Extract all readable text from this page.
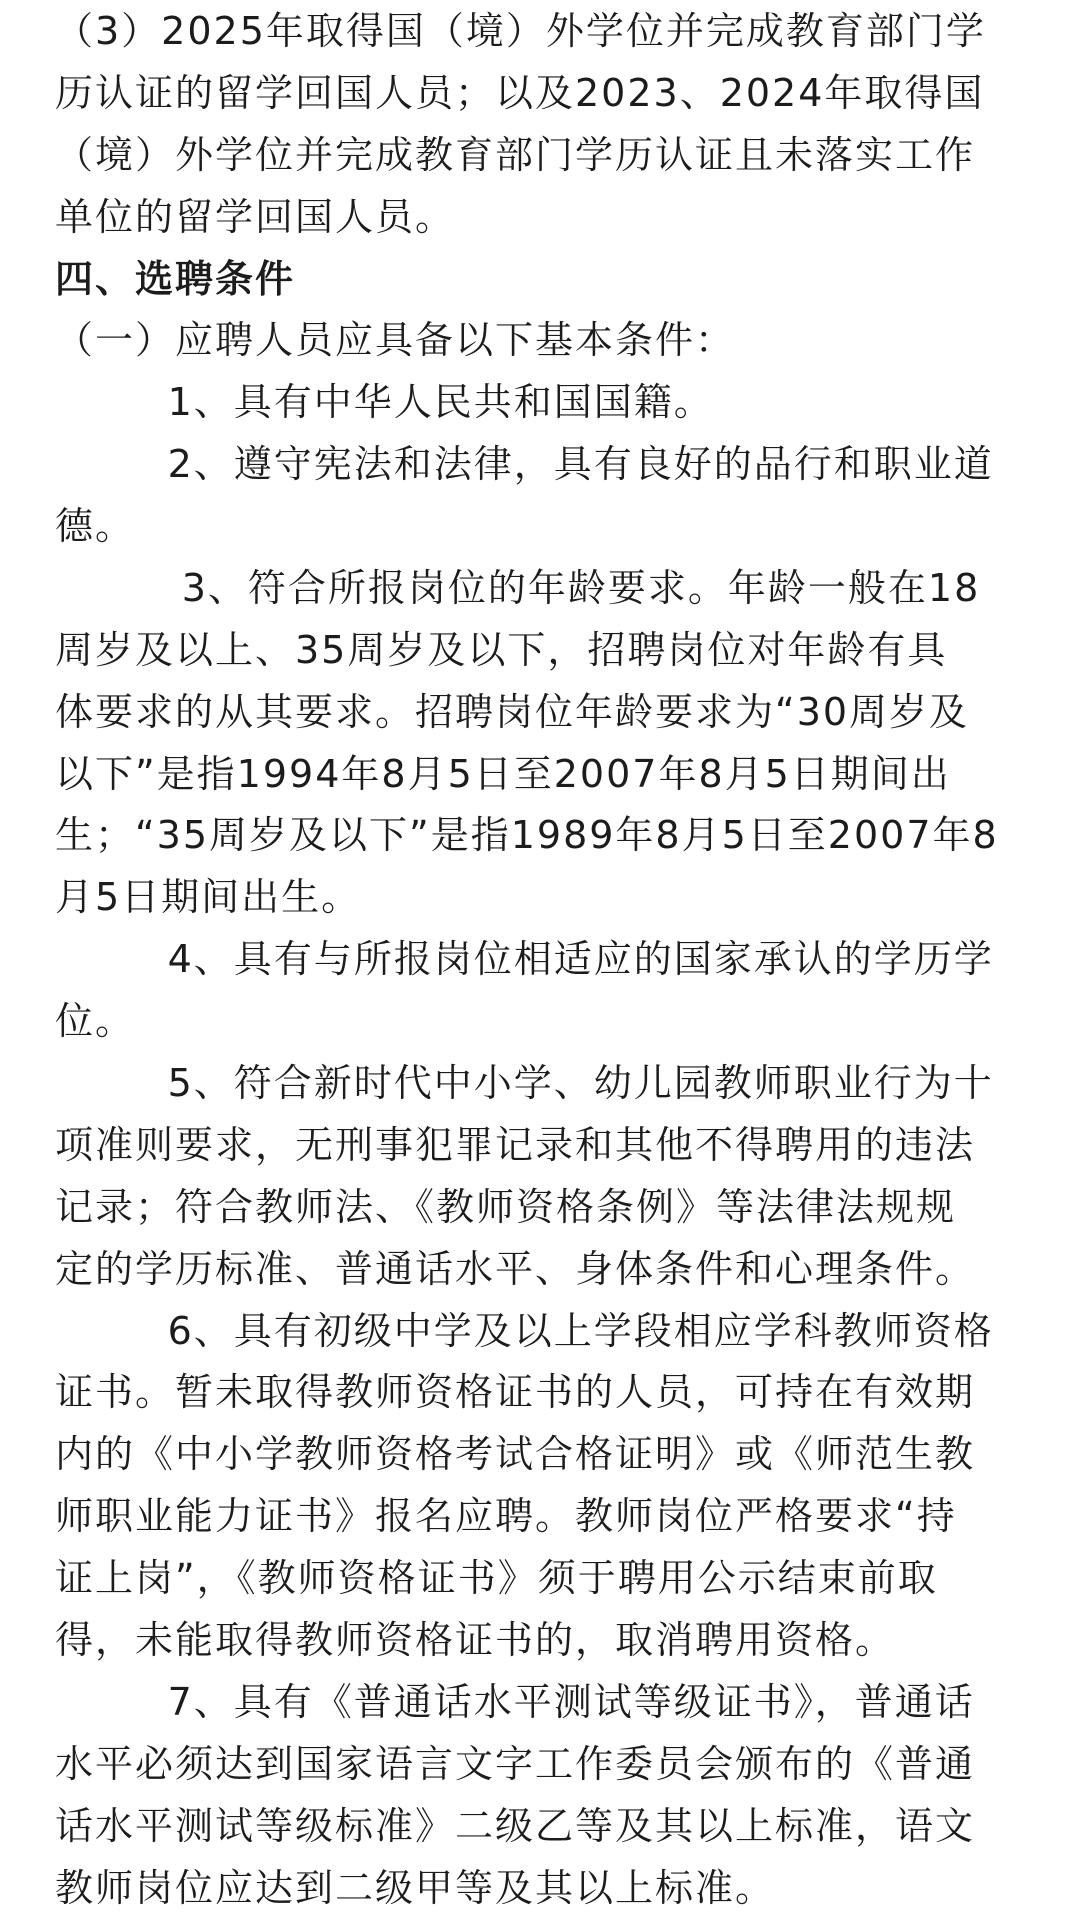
（3）2025年取得国（境）外学位并完成教育部门学
历认证的留学回国人员；以及2023、2024年取得国
（境）外学位并完成教育部门学历认证且未落实工作
单位的留学回国人员。
四、选聘条件
（一）应聘人员应具备以下基本条件：
1、具有中华人民共和国国籍。
2、遵守宪法和法律，具有良好的品行和职业道
德。
3、符合所报岗位的年龄要求。年龄一般在18
周岁及以上、35周岁及以下，招聘岗位对年龄有具
体要求的从其要求。招聘岗位年龄要求为“30周岁及
以下”是指1994年8月5日至2007年8月5日期间出
生；“35周岁及以下”是指1989年8月5日至2007年8
月5日期间出生。
4、具有与所报岗位相适应的国家承认的学历学
位。
5、符合新时代中小学、幼儿园教师职业行为十
项准则要求，无刑事犯罪记录和其他不得聘用的违法
记录；符合教师法、《教师资格条例》等法律法规规
定的学历标准、普通话水平、身体条件和心理条件。
6、具有初级中学及以上学段相应学科教师资格
证书。暂未取得教师资格证书的人员，可持在有效期
内的《中小学教师资格考试合格证明》或《师范生教
师职业能力证书》报名应聘。教师岗位严格要求“持
证上岗”，《教师资格证书》须于聘用公示结束前取
得，未能取得教师资格证书的，取消聘用资格。
7、具有《普通话水平测试等级证书》，普通话
水平必须达到国家语言文字工作委员会颁布的《普通
话水平测试等级标准》二级乙等及其以上标准，语文
教师岗位应达到二级甲等及其以上标准。
